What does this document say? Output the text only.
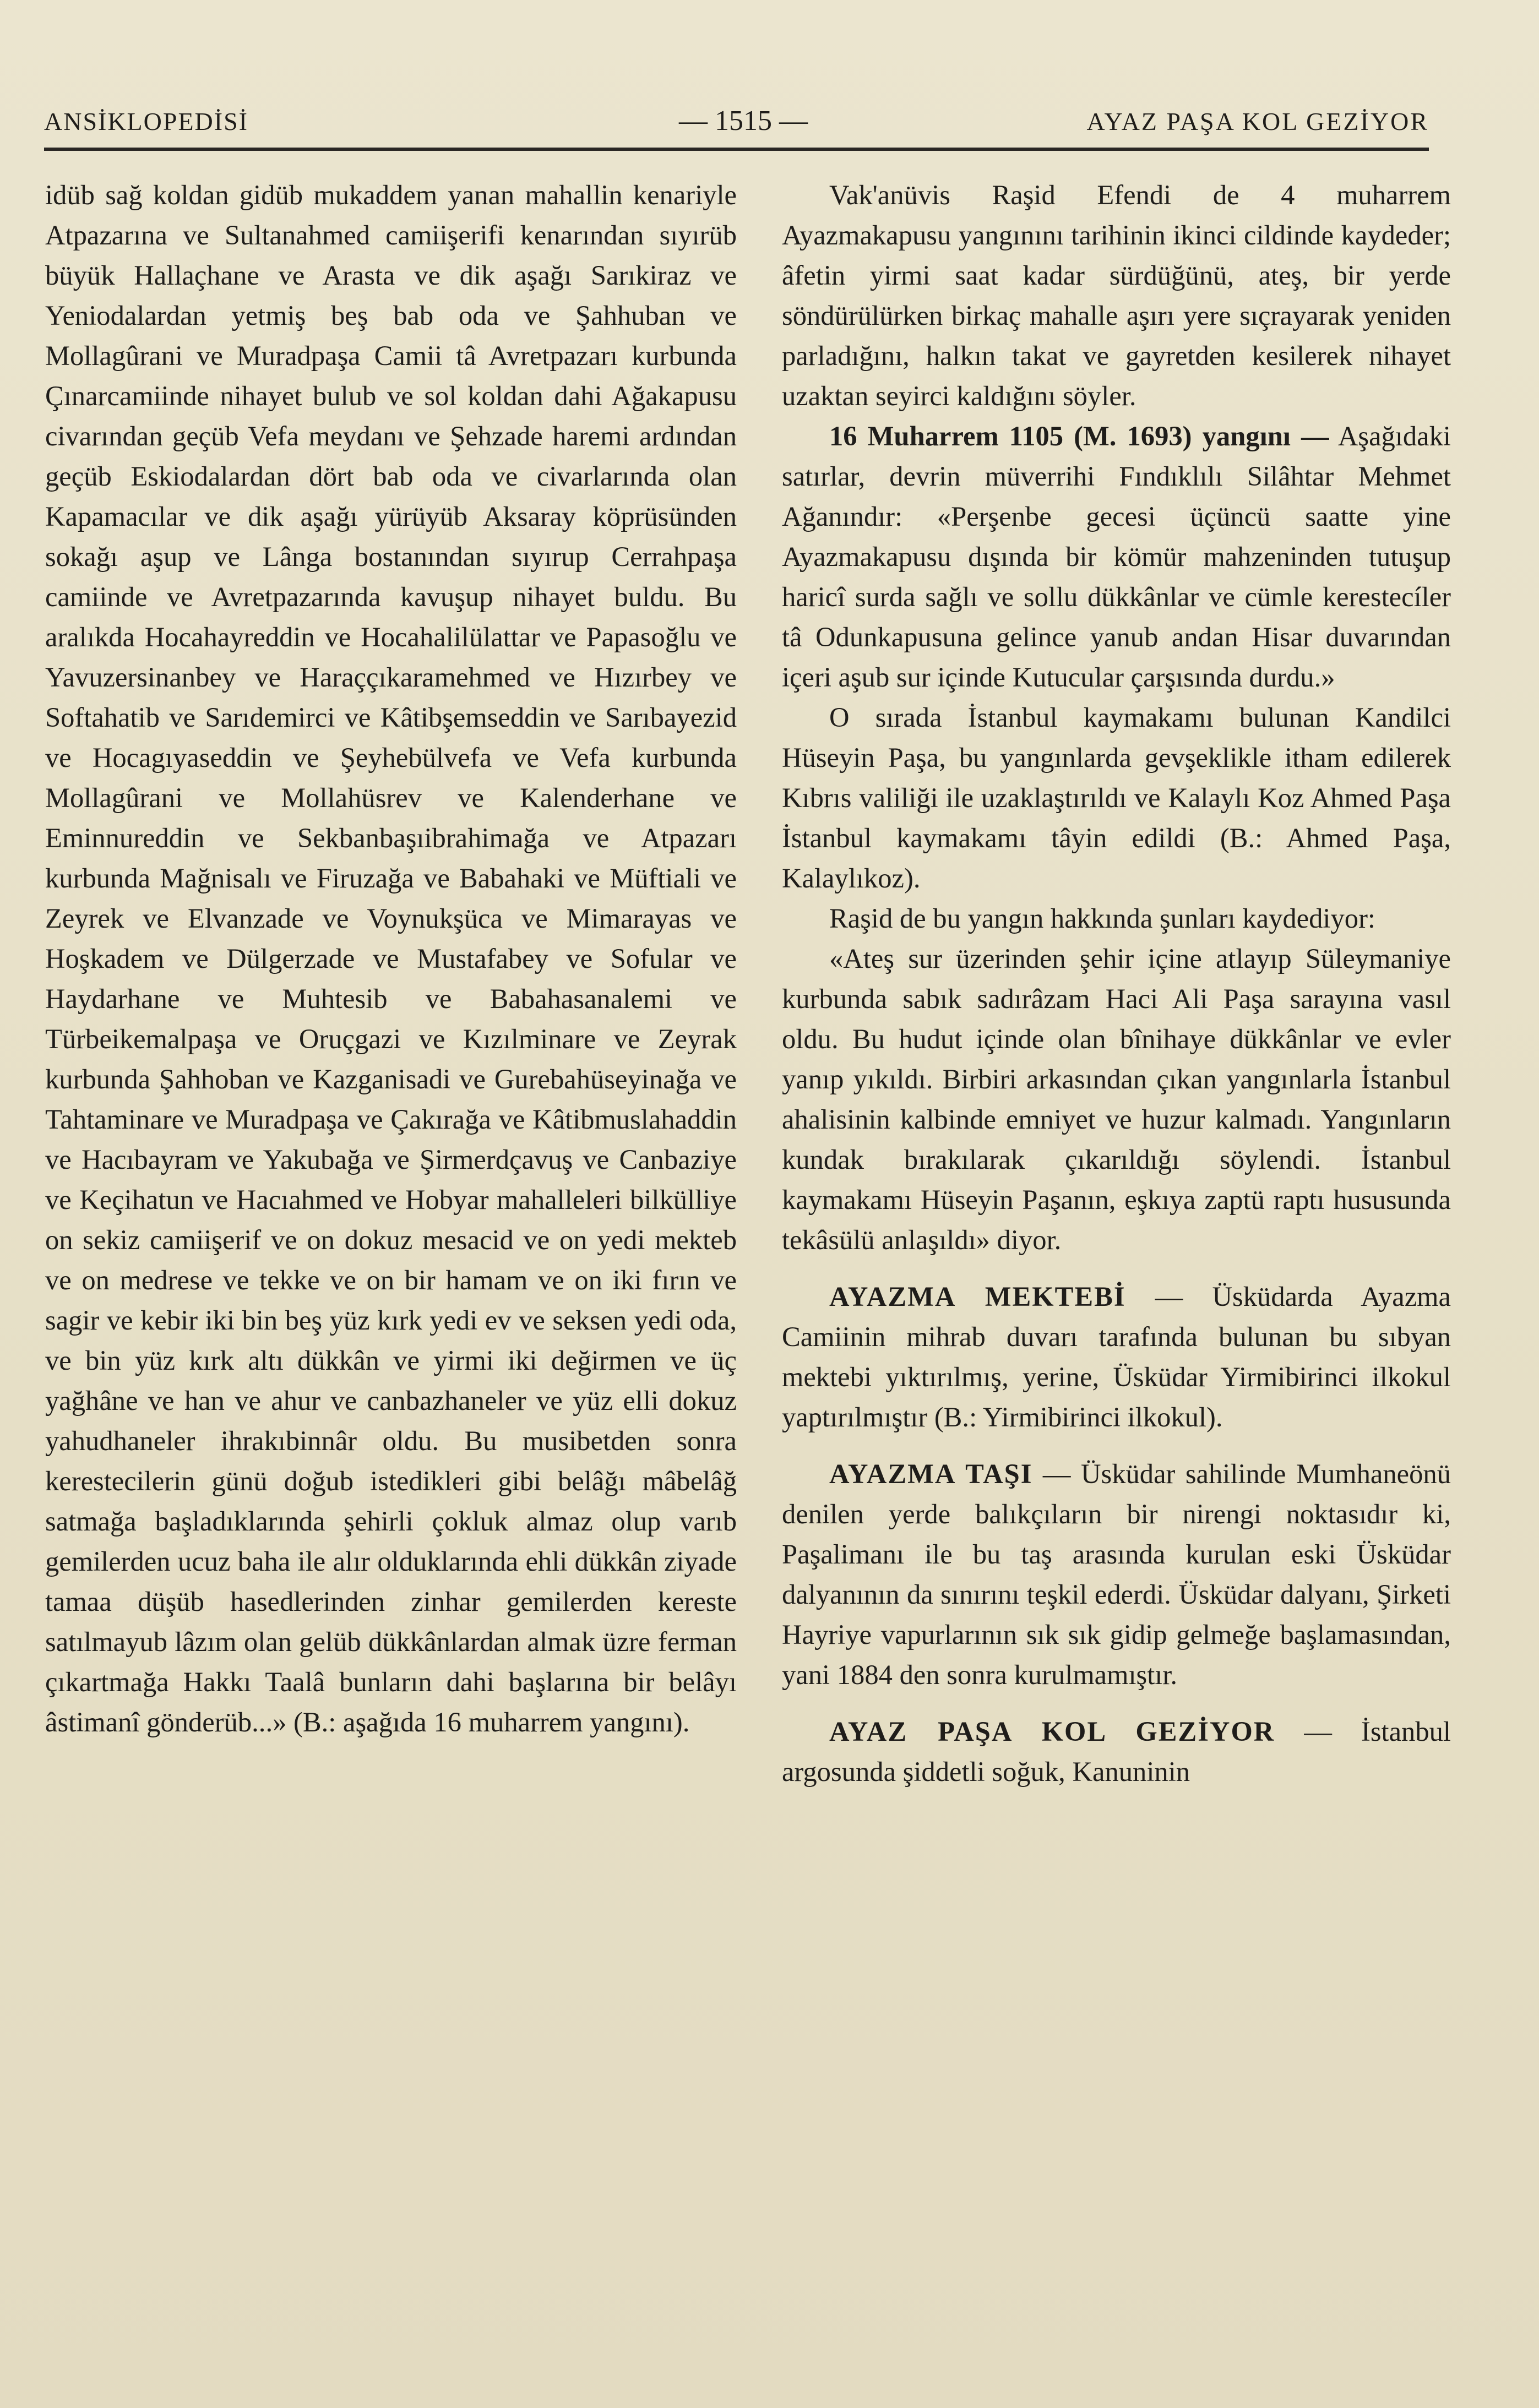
ANSİKLOPEDİSİ	— 1515 —	AYAZ PAŞA KOL GEZİYOR

idüb sağ koldan gidüb mukaddem yanan mahallin kenariyle Atpazarına ve Sultanahmed camiişerifi kenarından sıyırüb büyük Hallaçhane ve Arasta ve dik aşağı Sarıkiraz ve Yeniodalardan yetmiş beş bab oda ve Şahhuban ve Mollagûrani ve Muradpaşa Camii tâ Avretpazarı kurbunda Çınarcamiinde nihayet bulub ve sol koldan dahi Ağakapusu civarından geçüb Vefa meydanı ve Şehzade haremi ardından geçüb Eskiodalardan dört bab oda ve civarlarında olan Kapamacılar ve dik aşağı yürüyüb Aksaray köprüsünden sokağı aşup ve Lânga bostanından sıyırup Cerrahpaşa camiinde ve Avretpazarında kavuşup nihayet buldu. Bu aralıkda Hocahayreddin ve Hocahalilülattar ve Papasoğlu ve Yavuzersinanbey ve Haraççıkaramehmed ve Hızırbey ve Softahatib ve Sarıdemirci ve Kâtibşemseddin ve Sarıbayezid ve Hocagıyaseddin ve Şeyhebülvefa ve Vefa kurbunda Mollagûrani ve Mollahüsrev ve Kalenderhane ve Eminnureddin ve Sekbanbaşıibrahimağa ve Atpazarı kurbunda Mağnisalı ve Firuzağa ve Babahaki ve Müftiali ve Zeyrek ve Elvanzade ve Voynukşüca ve Mimarayas ve Hoşkadem ve Dülgerzade ve Mustafabey ve Sofular ve Haydarhane ve Muhtesib ve Babahasanalemi ve Türbeikemalpaşa ve Oruçgazi ve Kızılminare ve Zeyrak kurbunda Şahhoban ve Kazganisadi ve Gurebahüseyinağa ve Tahtaminare ve Muradpaşa ve Çakırağa ve Kâtibmuslahaddin ve Hacıbayram ve Yakubağa ve Şirmerdçavuş ve Canbaziye ve Keçihatun ve Hacıahmed ve Hobyar mahalleleri bilkülliye on sekiz camiişerif ve on dokuz mesacid ve on yedi mekteb ve on medrese ve tekke ve on bir hamam ve on iki fırın ve sagir ve kebir iki bin beş yüz kırk yedi ev ve seksen yedi oda, ve bin yüz kırk altı dükkân ve yirmi iki değirmen ve üç yağhâne ve han ve ahur ve canbazhaneler ve yüz elli dokuz yahudhaneler ihrakıbinnâr oldu. Bu musibetden sonra kerestecilerin günü doğub istedikleri gibi belâğı mâbelâğ satmağa başladıklarında şehirli çokluk almaz olup varıb gemilerden ucuz baha ile alır olduklarında ehli dükkân ziyade tamaa düşüb hasedlerinden zinhar gemilerden kereste satılmayub lâzım olan gelüb dükkânlardan almak üzre ferman çıkartmağa Hakkı Taalâ bunların dahi başlarına bir belâyı âstimanî gönderüb...» (B.: aşağıda 16 muharrem yangını).

Vak'anüvis Raşid Efendi de 4 muharrem Ayazmakapusu yangınını tarihinin ikinci cildinde kaydeder; âfetin yirmi saat kadar sürdüğünü, ateş, bir yerde söndürülürken birkaç mahalle aşırı yere sıçrayarak yeniden parladığını, halkın takat ve gayretden kesilerek nihayet uzaktan seyirci kaldığını söyler.

16 Muharrem 1105 (M. 1693) yangını — Aşağıdaki satırlar, devrin müverrihi Fındıklılı Silâhtar Mehmet Ağanındır: «Perşenbe gecesi üçüncü saatte yine Ayazmakapusu dışında bir kömür mahzeninden tutuşup haricî surda sağlı ve sollu dükkânlar ve cümle kerestecíler tâ Odunkapusuna gelince yanub andan Hisar duvarından içeri aşub sur içinde Kutucular çarşısında durdu.»

O sırada İstanbul kaymakamı bulunan Kandilci Hüseyin Paşa, bu yangınlarda gevşeklikle itham edilerek Kıbrıs valiliği ile uzaklaştırıldı ve Kalaylı Koz Ahmed Paşa İstanbul kaymakamı tâyin edildi (B.: Ahmed Paşa, Kalaylıkoz).

Raşid de bu yangın hakkında şunları kaydediyor:

«Ateş sur üzerinden şehir içine atlayıp Süleymaniye kurbunda sabık sadırâzam Haci Ali Paşa sarayına vasıl oldu. Bu hudut içinde olan bînihaye dükkânlar ve evler yanıp yıkıldı. Birbiri arkasından çıkan yangınlarla İstanbul ahalisinin kalbinde emniyet ve huzur kalmadı. Yangınların kundak bırakılarak çıkarıldığı söylendi. İstanbul kaymakamı Hüseyin Paşanın, eşkıya zaptü raptı hususunda tekâsülü anlaşıldı» diyor.

AYAZMA MEKTEBİ — Üsküdarda Ayazma Camiinin mihrab duvarı tarafında bulunan bu sıbyan mektebi yıktırılmış, yerine, Üsküdar Yirmibirinci ilkokul yaptırılmıştır (B.: Yirmibirinci ilkokul).

AYAZMA TAŞI — Üsküdar sahilinde Mumhaneönü denilen yerde balıkçıların bir nirengi noktasıdır ki, Paşalimanı ile bu taş arasında kurulan eski Üsküdar dalyanının da sınırını teşkil ederdi. Üsküdar dalyanı, Şirketi Hayriye vapurlarının sık sık gidip gelmeğe başlamasından, yani 1884 den sonra kurulmamıştır.

AYAZ PAŞA KOL GEZİYOR — İstanbul argosunda şiddetli soğuk, Kanuninin
